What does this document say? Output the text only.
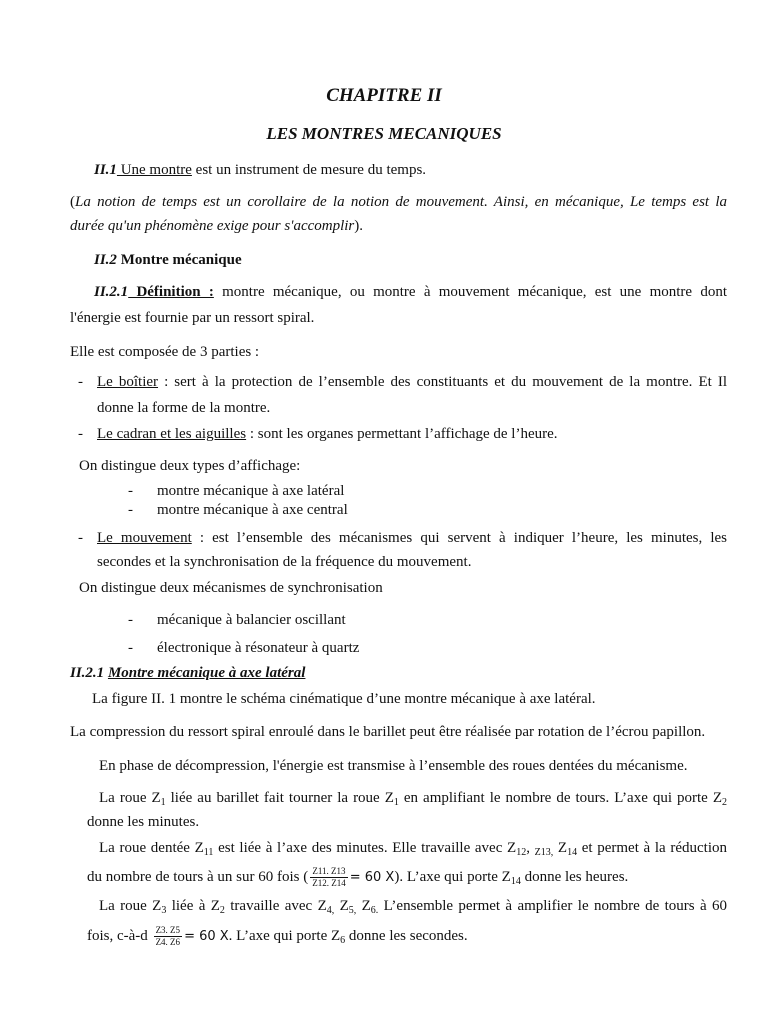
CHAPITRE II
LES MONTRES MECANIQUES
II.1 Une montre est un instrument de mesure du temps.
(La notion de temps est un corollaire de la notion de mouvement. Ainsi, en mécanique, Le temps est la
durée qu'un phénomène exige pour s'accomplir).
II.2 Montre mécanique
II.2.1 Définition : montre mécanique, ou montre à mouvement mécanique, est une montre dont
l'énergie est fournie par un ressort spiral.
Elle est composée de 3 parties :
- Le boîtier : sert à la protection de l’ensemble des constituants et du mouvement de la montre. Et Il
donne la forme de la montre.
- Le cadran et les aiguilles : sont les organes permettant l’affichage de l’heure.
On distingue deux types d’affichage:
- montre mécanique à axe latéral
- montre mécanique à axe central
- Le mouvement : est l’ensemble des mécanismes qui servent à indiquer l’heure, les minutes, les
secondes et la synchronisation de la fréquence du mouvement.
On distingue deux mécanismes de synchronisation
- mécanique à balancier oscillant
- électronique à résonateur à quartz
II.2.1 Montre mécanique à axe latéral
La figure II. 1 montre le schéma cinématique d’une montre mécanique à axe latéral.
La compression du ressort spiral enroulé dans le barillet peut être réalisée par rotation de l’écrou papillon.
En phase de décompression, l'énergie est transmise à l’ensemble des roues dentées du mécanisme.
La roue $Z_1$ liée au barillet fait tourner la roue $Z_1$ en amplifiant le nombre de tours. L’axe qui porte $Z_2$
donne les minutes.
La roue dentée $Z_{11}$ est liée à l’axe des minutes. Elle travaille avec $Z_{12}$, $_{Z13,}$ $Z_{14}$ et permet à la réduction
du nombre de tours à un sur 60 fois ( $\frac{Z11. Z13}{Z12. Z14} = 60$ X). L’axe qui porte $Z_{14}$ donne les heures.
La roue $Z_3$ liée à $Z_2$ travaille avec $Z_{4,}$ $Z_{5,}$ $Z_{6.}$ L’ensemble permet à amplifier le nombre de tours à 60
fois, c-à-d $\frac{Z3. Z5}{Z4. Z6} = 60$ X. L’axe qui porte $Z_6$ donne les secondes.
